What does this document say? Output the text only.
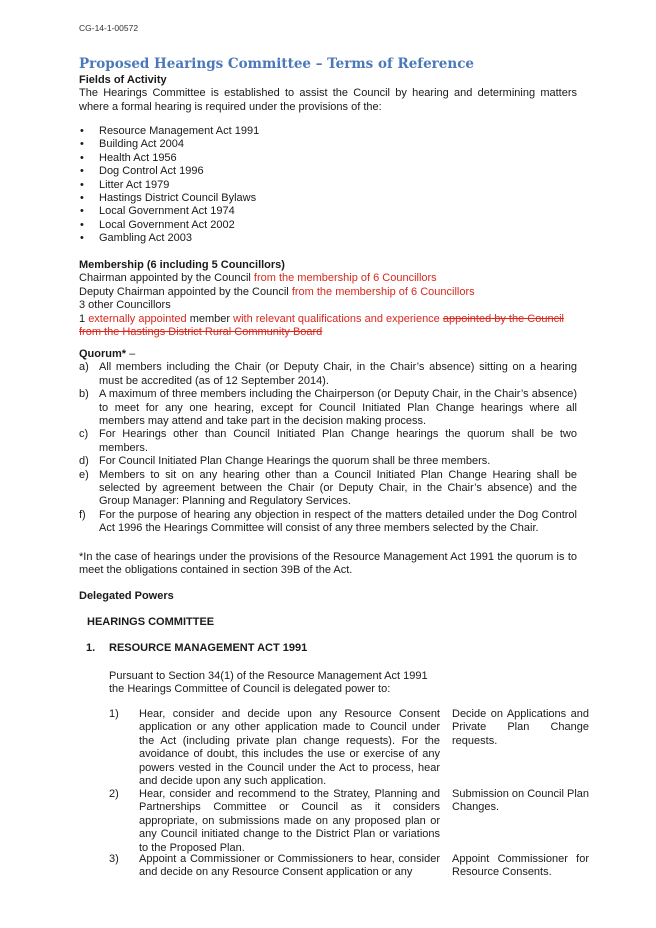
CG-14-1-00572
Proposed Hearings Committee – Terms of Reference
Fields of Activity
The Hearings Committee is established to assist the Council by hearing and determining matters where a formal hearing is required under the provisions of the:
• Resource Management Act 1991
• Building Act 2004
• Health Act 1956
• Dog Control Act 1996
• Litter Act 1979
• Hastings District Council Bylaws
• Local Government Act 1974
• Local Government Act 2002
• Gambling Act 2003
Membership (6 including 5 Councillors)
Chairman appointed by the Council from the membership of 6 Councillors
Deputy Chairman appointed by the Council from the membership of 6 Councillors
3 other Councillors
1 externally appointed member with relevant qualifications and experience appointed by the Council from the Hastings District Rural Community Board
Quorum* –
a) All members including the Chair (or Deputy Chair, in the Chair’s absence) sitting on a hearing must be accredited (as of 12 September 2014).
b) A maximum of three members including the Chairperson (or Deputy Chair, in the Chair’s absence) to meet for any one hearing, except for Council Initiated Plan Change hearings where all members may attend and take part in the decision making process.
c) For Hearings other than Council Initiated Plan Change hearings the quorum shall be two members.
d) For Council Initiated Plan Change Hearings the quorum shall be three members.
e) Members to sit on any hearing other than a Council Initiated Plan Change Hearing shall be selected by agreement between the Chair (or Deputy Chair, in the Chair’s absence) and the Group Manager: Planning and Regulatory Services.
f) For the purpose of hearing any objection in respect of the matters detailed under the Dog Control Act 1996 the Hearings Committee will consist of any three members selected by the Chair.
*In the case of hearings under the provisions of the Resource Management Act 1991 the quorum is to meet the obligations contained in section 39B of the Act.
Delegated Powers
HEARINGS COMMITTEE
1. RESOURCE MANAGEMENT ACT 1991
Pursuant to Section 34(1) of the Resource Management Act 1991 the Hearings Committee of Council is delegated power to:
1) Hear, consider and decide upon any Resource Consent application or any other application made to Council under the Act (including private plan change requests). For the avoidance of doubt, this includes the use or exercise of any powers vested in the Council under the Act to process, hear and decide upon any such application.
Decide on Applications and Private Plan Change requests.
2) Hear, consider and recommend to the Stratey, Planning and Partnerships Committee or Council as it considers appropriate, on submissions made on any proposed plan or any Council initiated change to the District Plan or variations to the Proposed Plan.
Submission on Council Plan Changes.
3) Appoint a Commissioner or Commissioners to hear, consider and decide on any Resource Consent application or any
Appoint Commissioner for Resource Consents.
